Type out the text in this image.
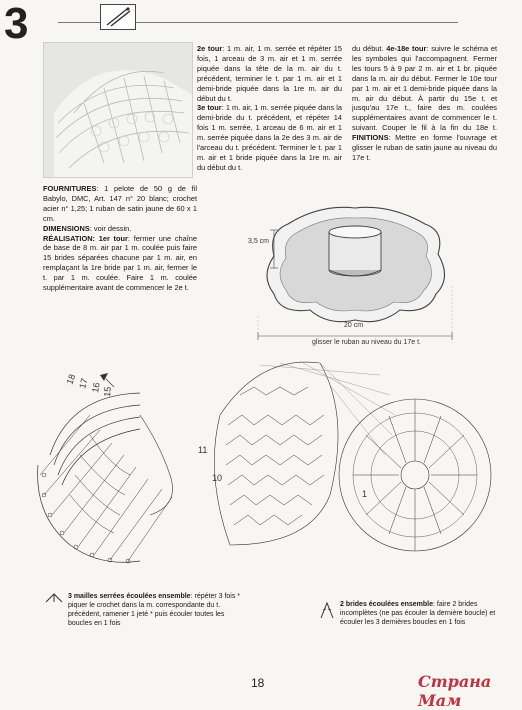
3

FOURNITURES: 1 pelote de 50 g de fil Babylo, DMC, Art. 147 n° 20 blanc; crochet acier n° 1,25; 1 ruban de satin jaune de 60 x 1 cm.

DIMENSIONS: voir dessin.

RÉALISATION: 1er tour: fermer une chaîne de base de 8 m. air par 1 m. coulée puis faire 15 brides séparées chacune par 1 m. air, en remplaçant la 1re bride par 1 m. air, fermer le t. par 1 m. coulée. Faire 1 m. coulée supplémentaire avant de commencer le 2e t.

2e tour: 1 m. air, 1 m. serrée et répéter 15 fois, 1 arceau de 3 m. air et 1 m. serrée piquée dans la tête de la m. air du t. précédent, terminer le t. par 1 m. air et 1 demi-bride piquée dans la 1re m. air du début du t.

3e tour: 1 m. air, 1 m. serrée piquée dans la demi-bride du t. précédent, et répéter 14 fois 1 m. serrée, 1 arceau de 6 m. air et 1 m. serrée piquée dans la 2e des 3 m. air de l'arceau du t. précédent. Terminer le t. par 1 m. air et 1 bride piquée dans la 1re m. air du début du t.

du début. 4e-18e tour: suivre le schéma et les symboles qui l'accompagnent. Fermer les tours 5 à 9 par 2 m. air et 1 br. piquée dans la m. air du début. Fermer le 10e tour par 1 m. air et 1 demi-bride piquée dans la m. air du début. À partir du 15e t. et jusqu'au 17e t., faire des m. coulées supplémentaires avant de commencer le t. suivant. Couper le fil à la fin du 18e t. FINITIONS: Mettre en forme l'ouvrage et glisser le ruban de satin jaune au niveau du 17e t.

3,5 cm
20 cm
glisser le ruban au niveau du 17e t.
18 17 16 15
11
10
1
3 mailles serrées écoulées ensemble: répéter 3 fois * piquer le crochet dans la m. correspondante du t. précédent, ramener 1 jeté * puis écouler toutes les boucles en 1 fois
2 brides écoulées ensemble: faire 2 brides incomplètes (ne pas écouler la dernière boucle) et écouler les 3 dernières boucles en 1 fois
18	Страна Мам
